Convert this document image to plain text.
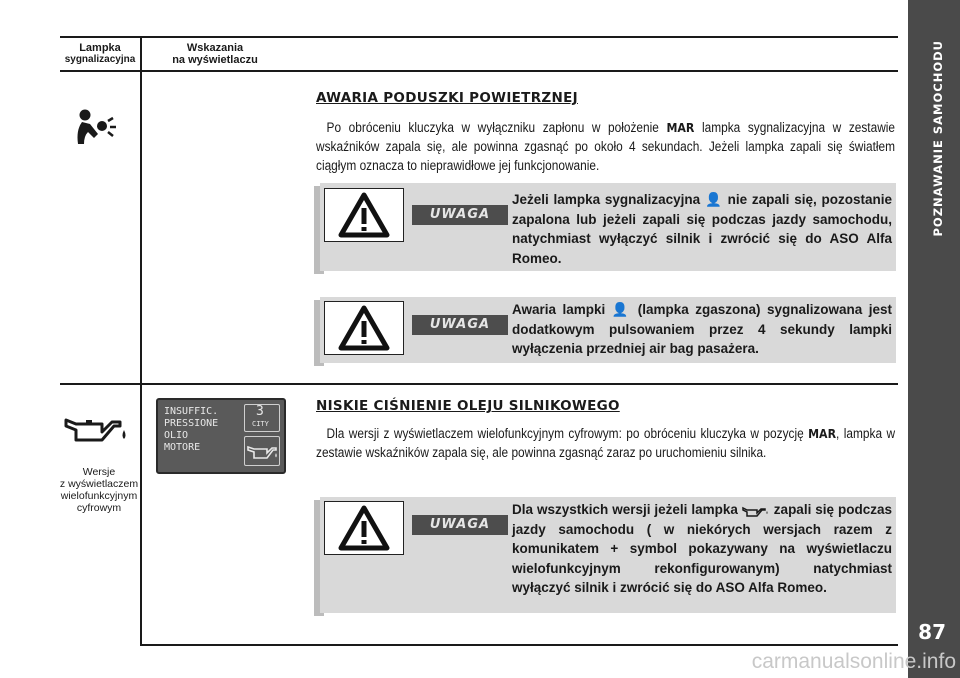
POZNAWANIE SAMOCHODU
87
Lampka
sygnalizacyjna
Wskazania
na wyświetlaczu
AWARIA PODUSZKI POWIETRZNEJ
Po obróceniu kluczyka w wyłączniku zapłonu w położenie MAR lampka sygnalizacyjna w zestawie wskaźników zapala się, ale powinna zgasnąć po około 4 sekundach. Jeżeli lampka zapali się światłem ciągłym oznacza to nieprawidłowe jej funkcjonowanie.
UWAGA
Jeżeli lampka sygnalizacyjna 👤 nie zapali się, pozostanie zapalona lub jeżeli zapali się podczas jazdy samochodu, natychmiast wyłączyć silnik i zwrócić się do ASO Alfa Romeo.
UWAGA
Awaria lampki 👤 (lampka zgaszona) sygnalizowana jest dodatkowym pulsowaniem przez 4 sekundy lampki wyłączenia przedniej air bag pasażera.
Wersje
z wyświetlaczem
wielofunkcyjnym
cyfrowym
INSUFFIC.
PRESSIONE
OLIO
MOTORE
3
CITY
NISKIE CIŚNIENIE OLEJU SILNIKOWEGO
Dla wersji z wyświetlaczem wielofunkcyjnym cyfrowym: po obróceniu kluczyka w pozycję MAR, lampka w zestawie wskaźników zapala się, ale powinna zgasnąć zaraz po uruchomieniu silnika.
UWAGA
Dla wszystkich wersji jeżeli lampka  zapali się podczas jazdy samochodu ( w niekórych wersjach razem z komunikatem + symbol pokazywany na wyświetlaczu wielofunkcyjnym rekonfigurowanym) natychmiast wyłączyć silnik i zwrócić się do ASO Alfa Romeo.
carmanualsonline.info
